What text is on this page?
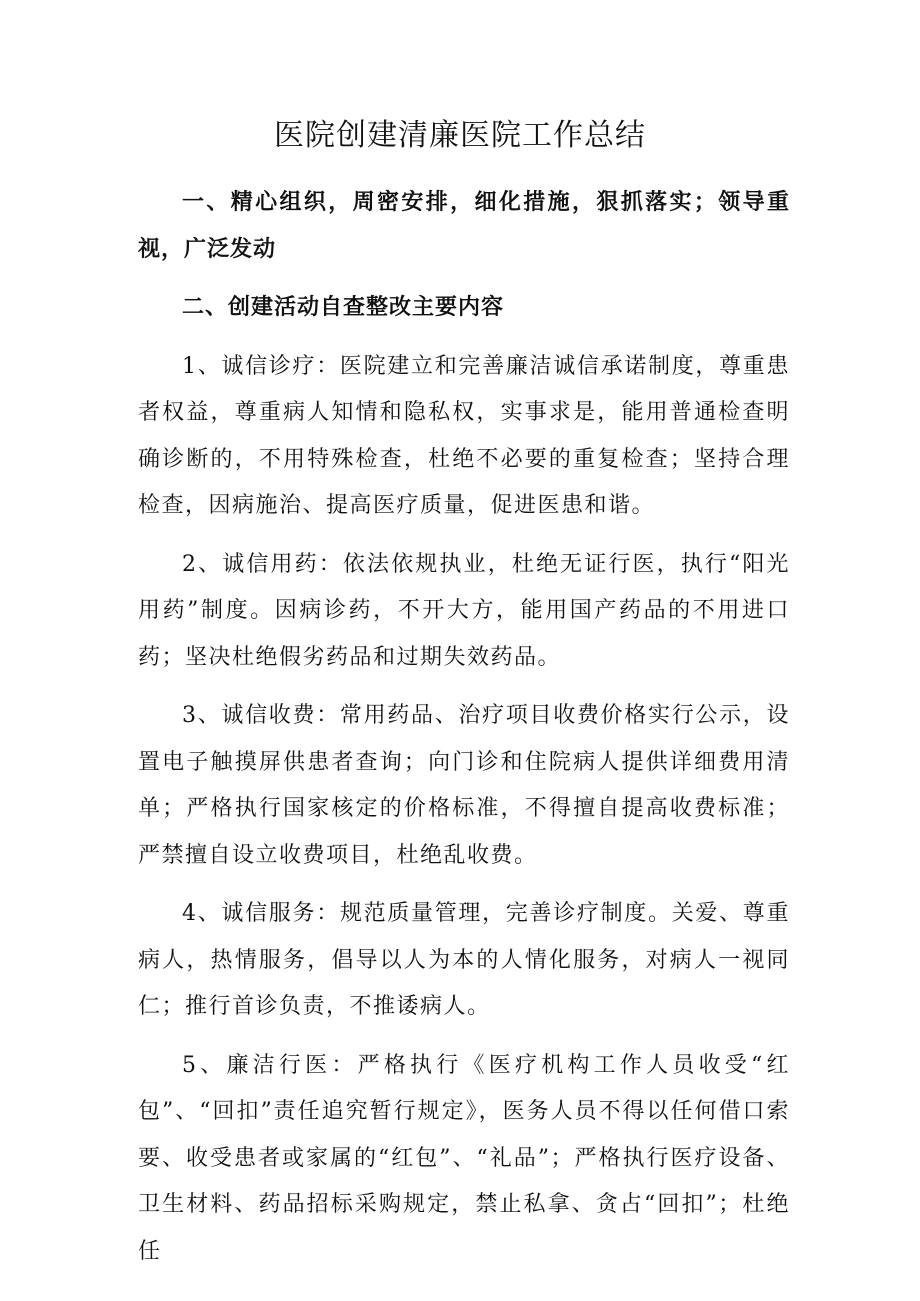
医院创建清廉医院工作总结

一、精心组织，周密安排，细化措施，狠抓落实；领导重视，广泛发动

二、创建活动自查整改主要内容

1、诚信诊疗：医院建立和完善廉洁诚信承诺制度，尊重患者权益，尊重病人知情和隐私权，实事求是，能用普通检查明确诊断的，不用特殊检查，杜绝不必要的重复检查；坚持合理检查，因病施治、提高医疗质量，促进医患和谐。

2、诚信用药：依法依规执业，杜绝无证行医，执行“阳光用药”制度。因病诊药，不开大方，能用国产药品的不用进口药；坚决杜绝假劣药品和过期失效药品。

3、诚信收费：常用药品、治疗项目收费价格实行公示，设置电子触摸屏供患者查询；向门诊和住院病人提供详细费用清单；严格执行国家核定的价格标准，不得擅自提高收费标准；严禁擅自设立收费项目，杜绝乱收费。

4、诚信服务：规范质量管理，完善诊疗制度。关爱、尊重病人，热情服务，倡导以人为本的人情化服务，对病人一视同仁；推行首诊负责，不推诿病人。

5、廉洁行医：严格执行《医疗机构工作人员收受“红包”、“回扣”责任追究暂行规定》，医务人员不得以任何借口索要、收受患者或家属的“红包”、“礼品”；严格执行医疗设备、卫生材料、药品招标采购规定，禁止私拿、贪占“回扣”；杜绝任
